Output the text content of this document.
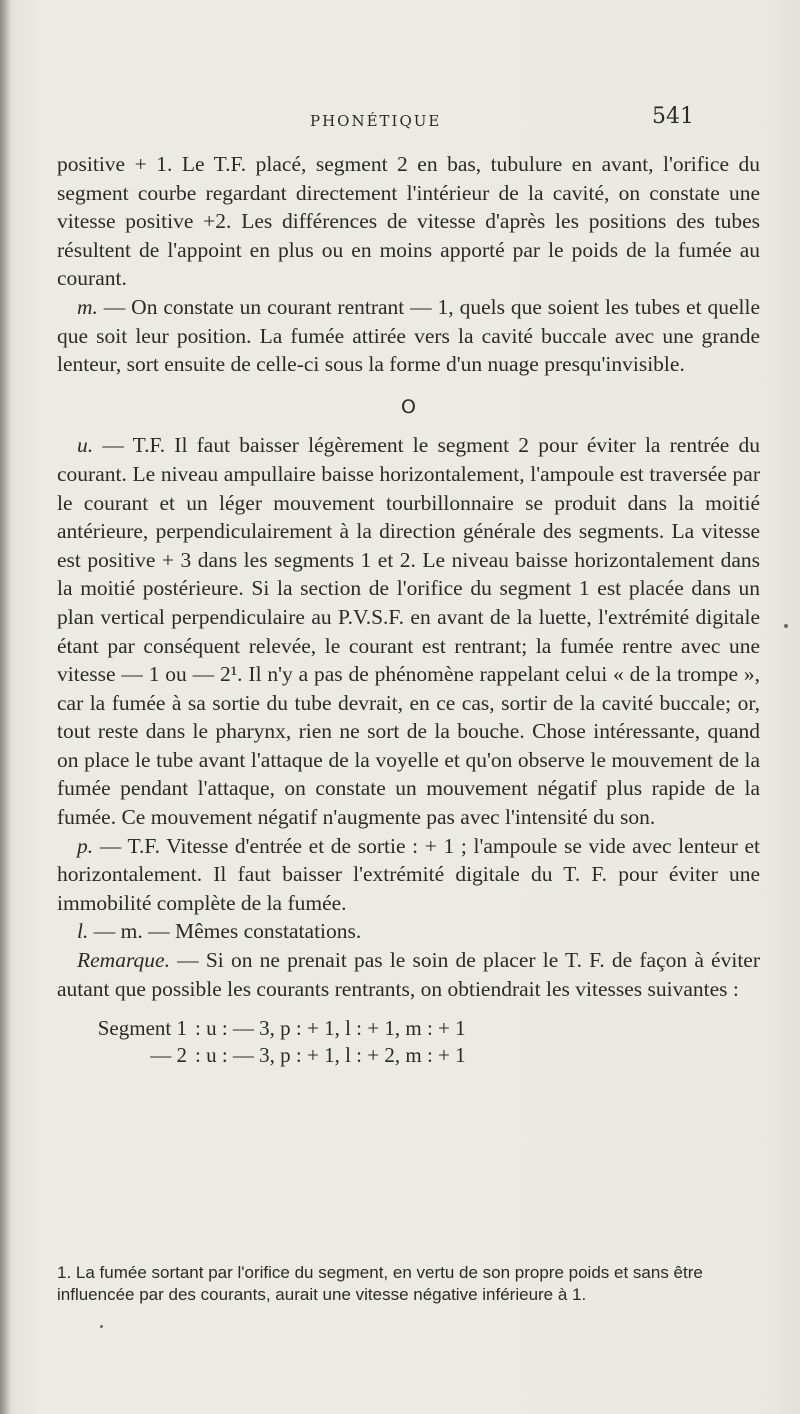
PHONÉTIQUE	541

positive + 1. Le T.F. placé, segment 2 en bas, tubulure en avant, l'orifice du segment courbe regardant directement l'intérieur de la cavité, on constate une vitesse positive +2. Les différences de vitesse d'après les positions des tubes résultent de l'appoint en plus ou en moins apporté par le poids de la fumée au courant.

m. — On constate un courant rentrant — 1, quels que soient les tubes et quelle que soit leur position. La fumée attirée vers la cavité buccale avec une grande lenteur, sort ensuite de celle-ci sous la forme d'un nuage presqu'invisible.

O

u. — T.F. Il faut baisser légèrement le segment 2 pour éviter la rentrée du courant. Le niveau ampullaire baisse horizontalement, l'ampoule est traversée par le courant et un léger mouvement tourbillonnaire se produit dans la moitié antérieure, perpendiculairement à la direction générale des segments. La vitesse est positive + 3 dans les segments 1 et 2. Le niveau baisse horizontalement dans la moitié postérieure. Si la section de l'orifice du segment 1 est placée dans un plan vertical perpendiculaire au P.V.S.F. en avant de la luette, l'extrémité digitale étant par conséquent relevée, le courant est rentrant; la fumée rentre avec une vitesse — 1 ou — 2¹. Il n'y a pas de phénomène rappelant celui « de la trompe », car la fumée à sa sortie du tube devrait, en ce cas, sortir de la cavité buccale; or, tout reste dans le pharynx, rien ne sort de la bouche. Chose intéressante, quand on place le tube avant l'attaque de la voyelle et qu'on observe le mouvement de la fumée pendant l'attaque, on constate un mouvement négatif plus rapide de la fumée. Ce mouvement négatif n'augmente pas avec l'intensité du son.

p. — T.F. Vitesse d'entrée et de sortie : + 1 ; l'ampoule se vide avec lenteur et horizontalement. Il faut baisser l'extrémité digitale du T. F. pour éviter une immobilité complète de la fumée.

l. — m. — Mêmes constatations.

Remarque. — Si on ne prenait pas le soin de placer le T. F. de façon à éviter autant que possible les courants rentrants, on obtiendrait les vitesses suivantes :

Segment 1 : u : — 3, p : + 1, l : + 1, m : + 1
— 2 : u : — 3, p : + 1, l : + 2, m : + 1
1. La fumée sortant par l'orifice du segment, en vertu de son propre poids et sans être influencée par des courants, aurait une vitesse négative inférieure à 1.
